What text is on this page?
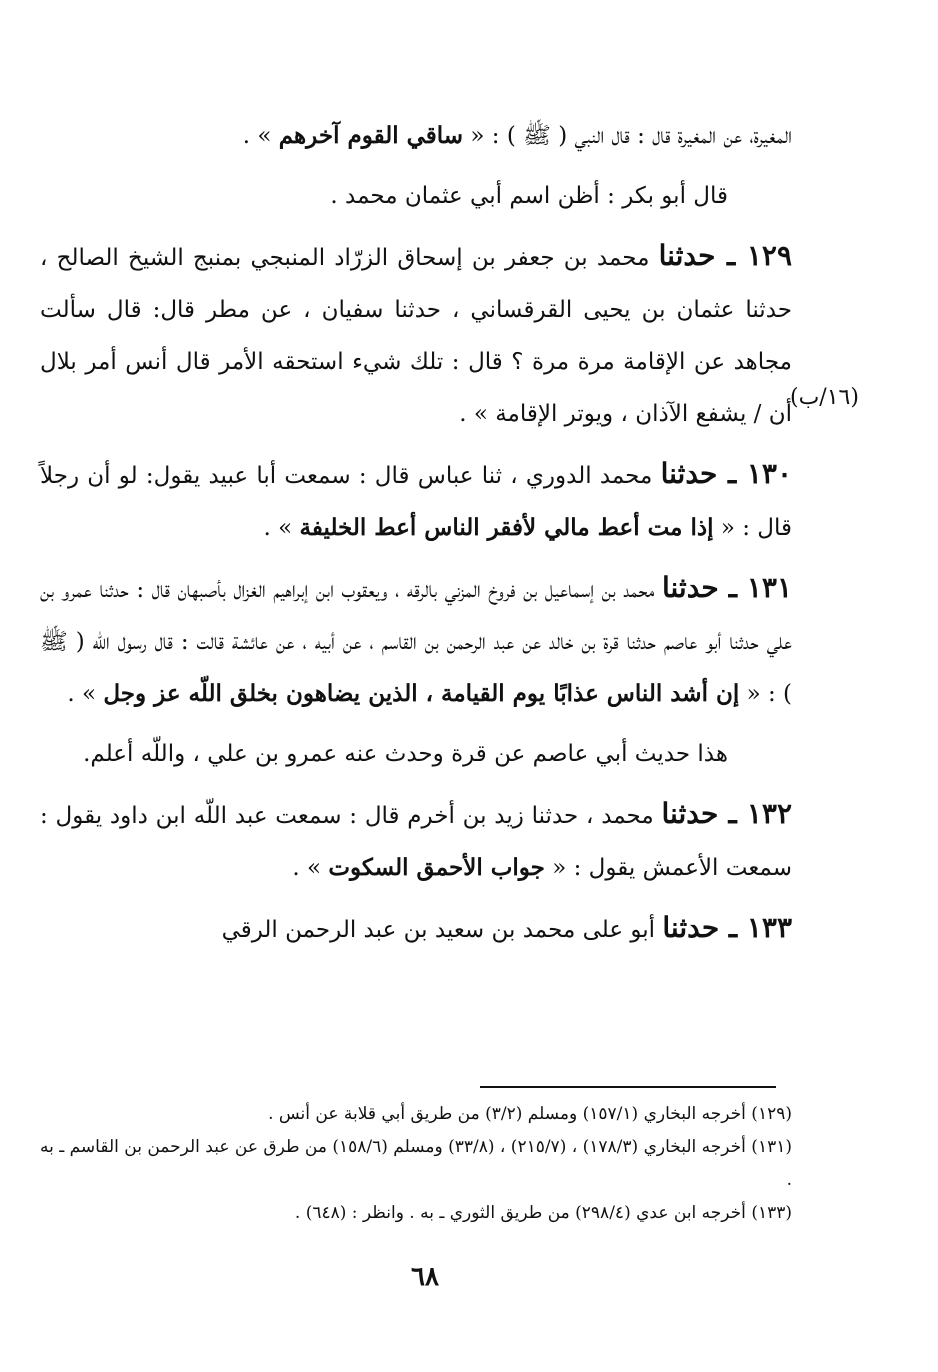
المغيرة، عن المغيرة قال : قال النبي ( ﷺ ) : « ساقي القوم آخرهم » .

قال أبو بكر : أظن اسم أبي عثمان محمد .

١٢٩ ـ حدثنا محمد بن جعفر بن إسحاق الزرّاد المنبجي بمنبج الشيخ الصالح ، حدثنا عثمان بن يحيى القرقساني ، حدثنا سفيان ، عن مطر قال: قال سألت مجاهد عن الإقامة مرة مرة ؟ قال : تلك شيء استحقه الأمر قال أنس أمر بلال أن / يشفع الآذان ، ويوتر الإقامة » .

١٣٠ ـ حدثنا محمد الدوري ، ثنا عباس قال : سمعت أبا عبيد يقول: لو أن رجلاً قال : « إذا مت أعط مالي لأفقر الناس أعط الخليفة » .

١٣١ ـ حدثنا محمد بن إسماعيل بن فروخ المزني بالرقه ، ويعقوب ابن إبراهيم الغزال بأصبهان قال : حدثنا عمرو بن علي حدثنا أبو عاصم حدثنا قرة بن خالد عن عبد الرحمن بن القاسم ، عن أبيه ، عن عائشة قالت : قال رسول اللّه ( ﷺ ) : « إن أشد الناس عذابًا يوم القيامة ، الذين يضاهون بخلق اللّه عز وجل » .

هذا حديث أبي عاصم عن قرة وحدث عنه عمرو بن علي ، واللّه أعلم.

١٣٢ ـ حدثنا محمد ، حدثنا زيد بن أخرم قال : سمعت عبد اللّه ابن داود يقول : سمعت الأعمش يقول : « جواب الأحمق السكوت » .

١٣٣ ـ حدثنا أبو على محمد بن سعيد بن عبد الرحمن الرقي

(١٦/ب)

(١٢٩) أخرجه البخاري (١٥٧/١) ومسلم (٣/٢) من طريق أبي قلابة عن أنس .

(١٣١) أخرجه البخاري (١٧٨/٣) ، (٢١٥/٧) ، (٣٣/٨) ومسلم (١٥٨/٦) من طرق عن عبد الرحمن بن القاسم ـ به .

(١٣٣) أخرجه ابن عدي (٢٩٨/٤) من طريق الثوري ـ به . وانظر : (٦٤٨) .

٦٨
